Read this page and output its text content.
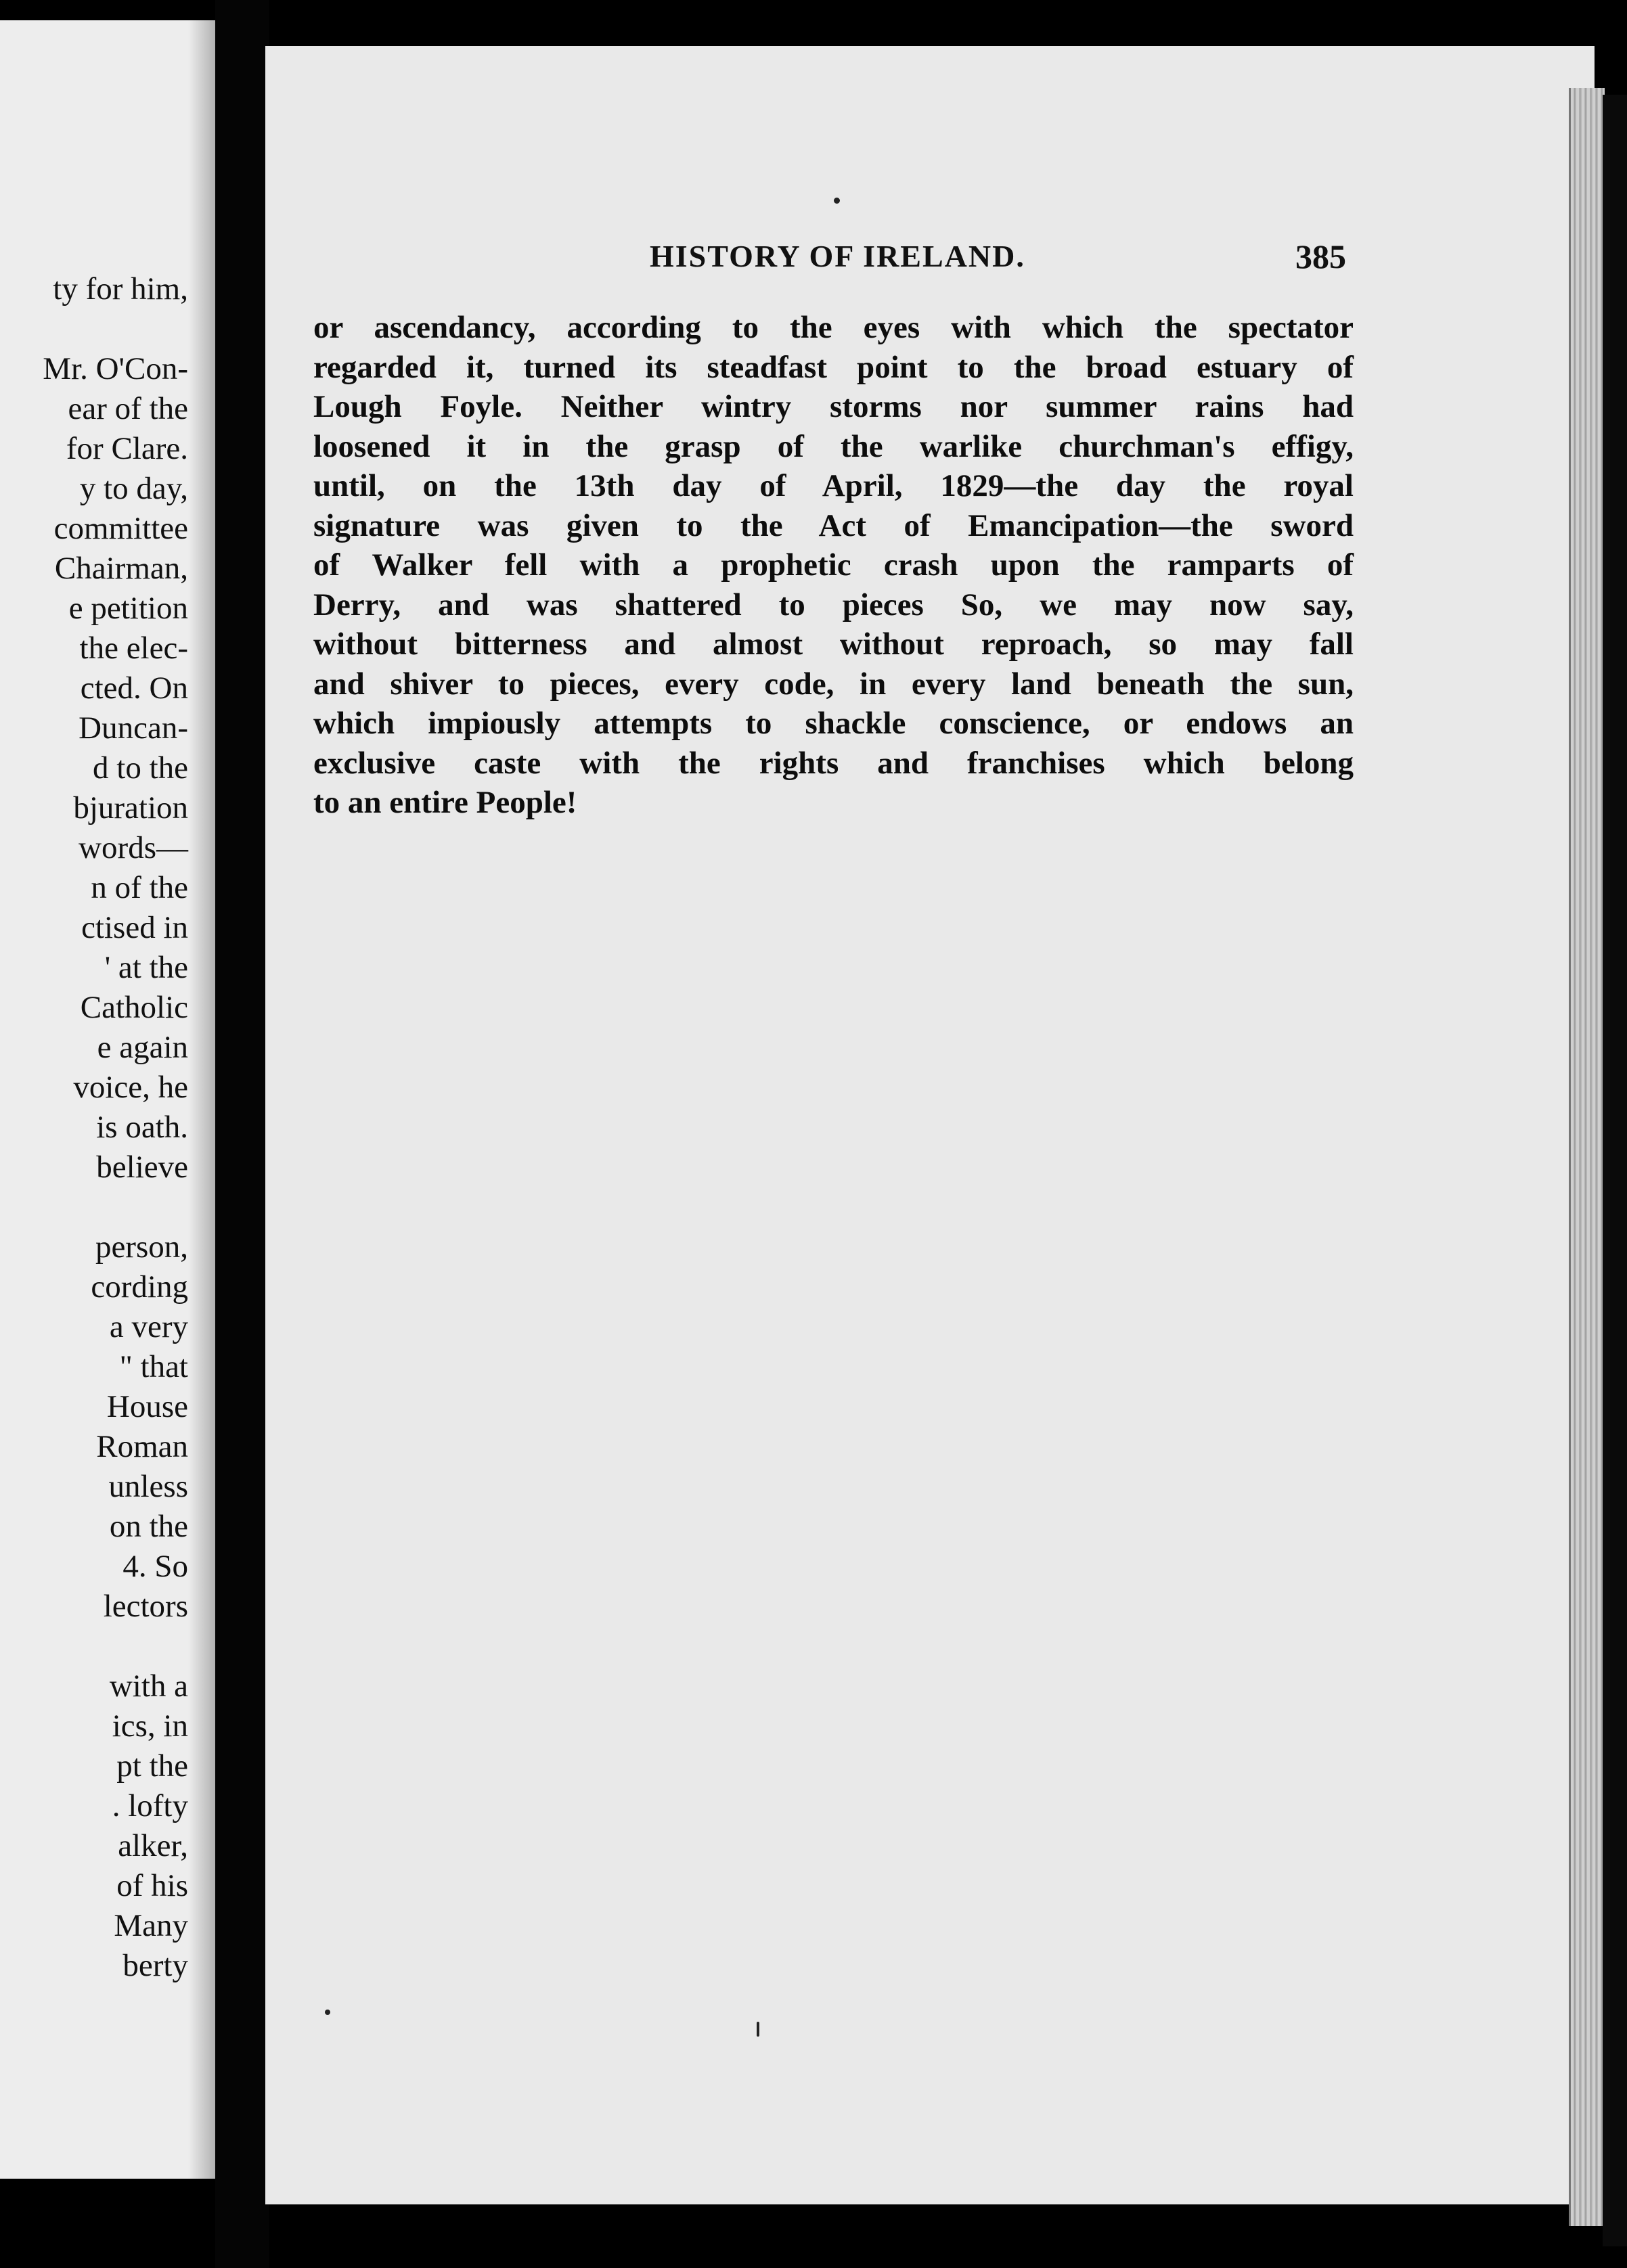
ty for him,
Mr. O'Con-
ear of the
for Clare.
y to day,
committee
Chairman,
e petition
the elec-
cted. On
Duncan-
d to the
bjuration
words—
n of the
ctised in
' at the
Catholic
e again
voice, he
is oath.
believe
person,
cording
a very
" that
House
Roman
unless
on the
4. So
lectors
with a
ics, in
pt the
. lofty
alker,
of his
Many
berty
HISTORY OF IRELAND.	385
or ascendancy, according to the eyes with which the spectator
regarded it, turned its steadfast point to the broad estuary of
Lough Foyle. Neither wintry storms nor summer rains had
loosened it in the grasp of the warlike churchman's effigy,
until, on the 13th day of April, 1829—the day the royal
signature was given to the Act of Emancipation—the sword
of Walker fell with a prophetic crash upon the ramparts of
Derry, and was shattered to pieces So, we may now say,
without bitterness and almost without reproach, so may fall
and shiver to pieces, every code, in every land beneath the sun,
which impiously attempts to shackle conscience, or endows an
exclusive caste with the rights and franchises which belong
to an entire People!
